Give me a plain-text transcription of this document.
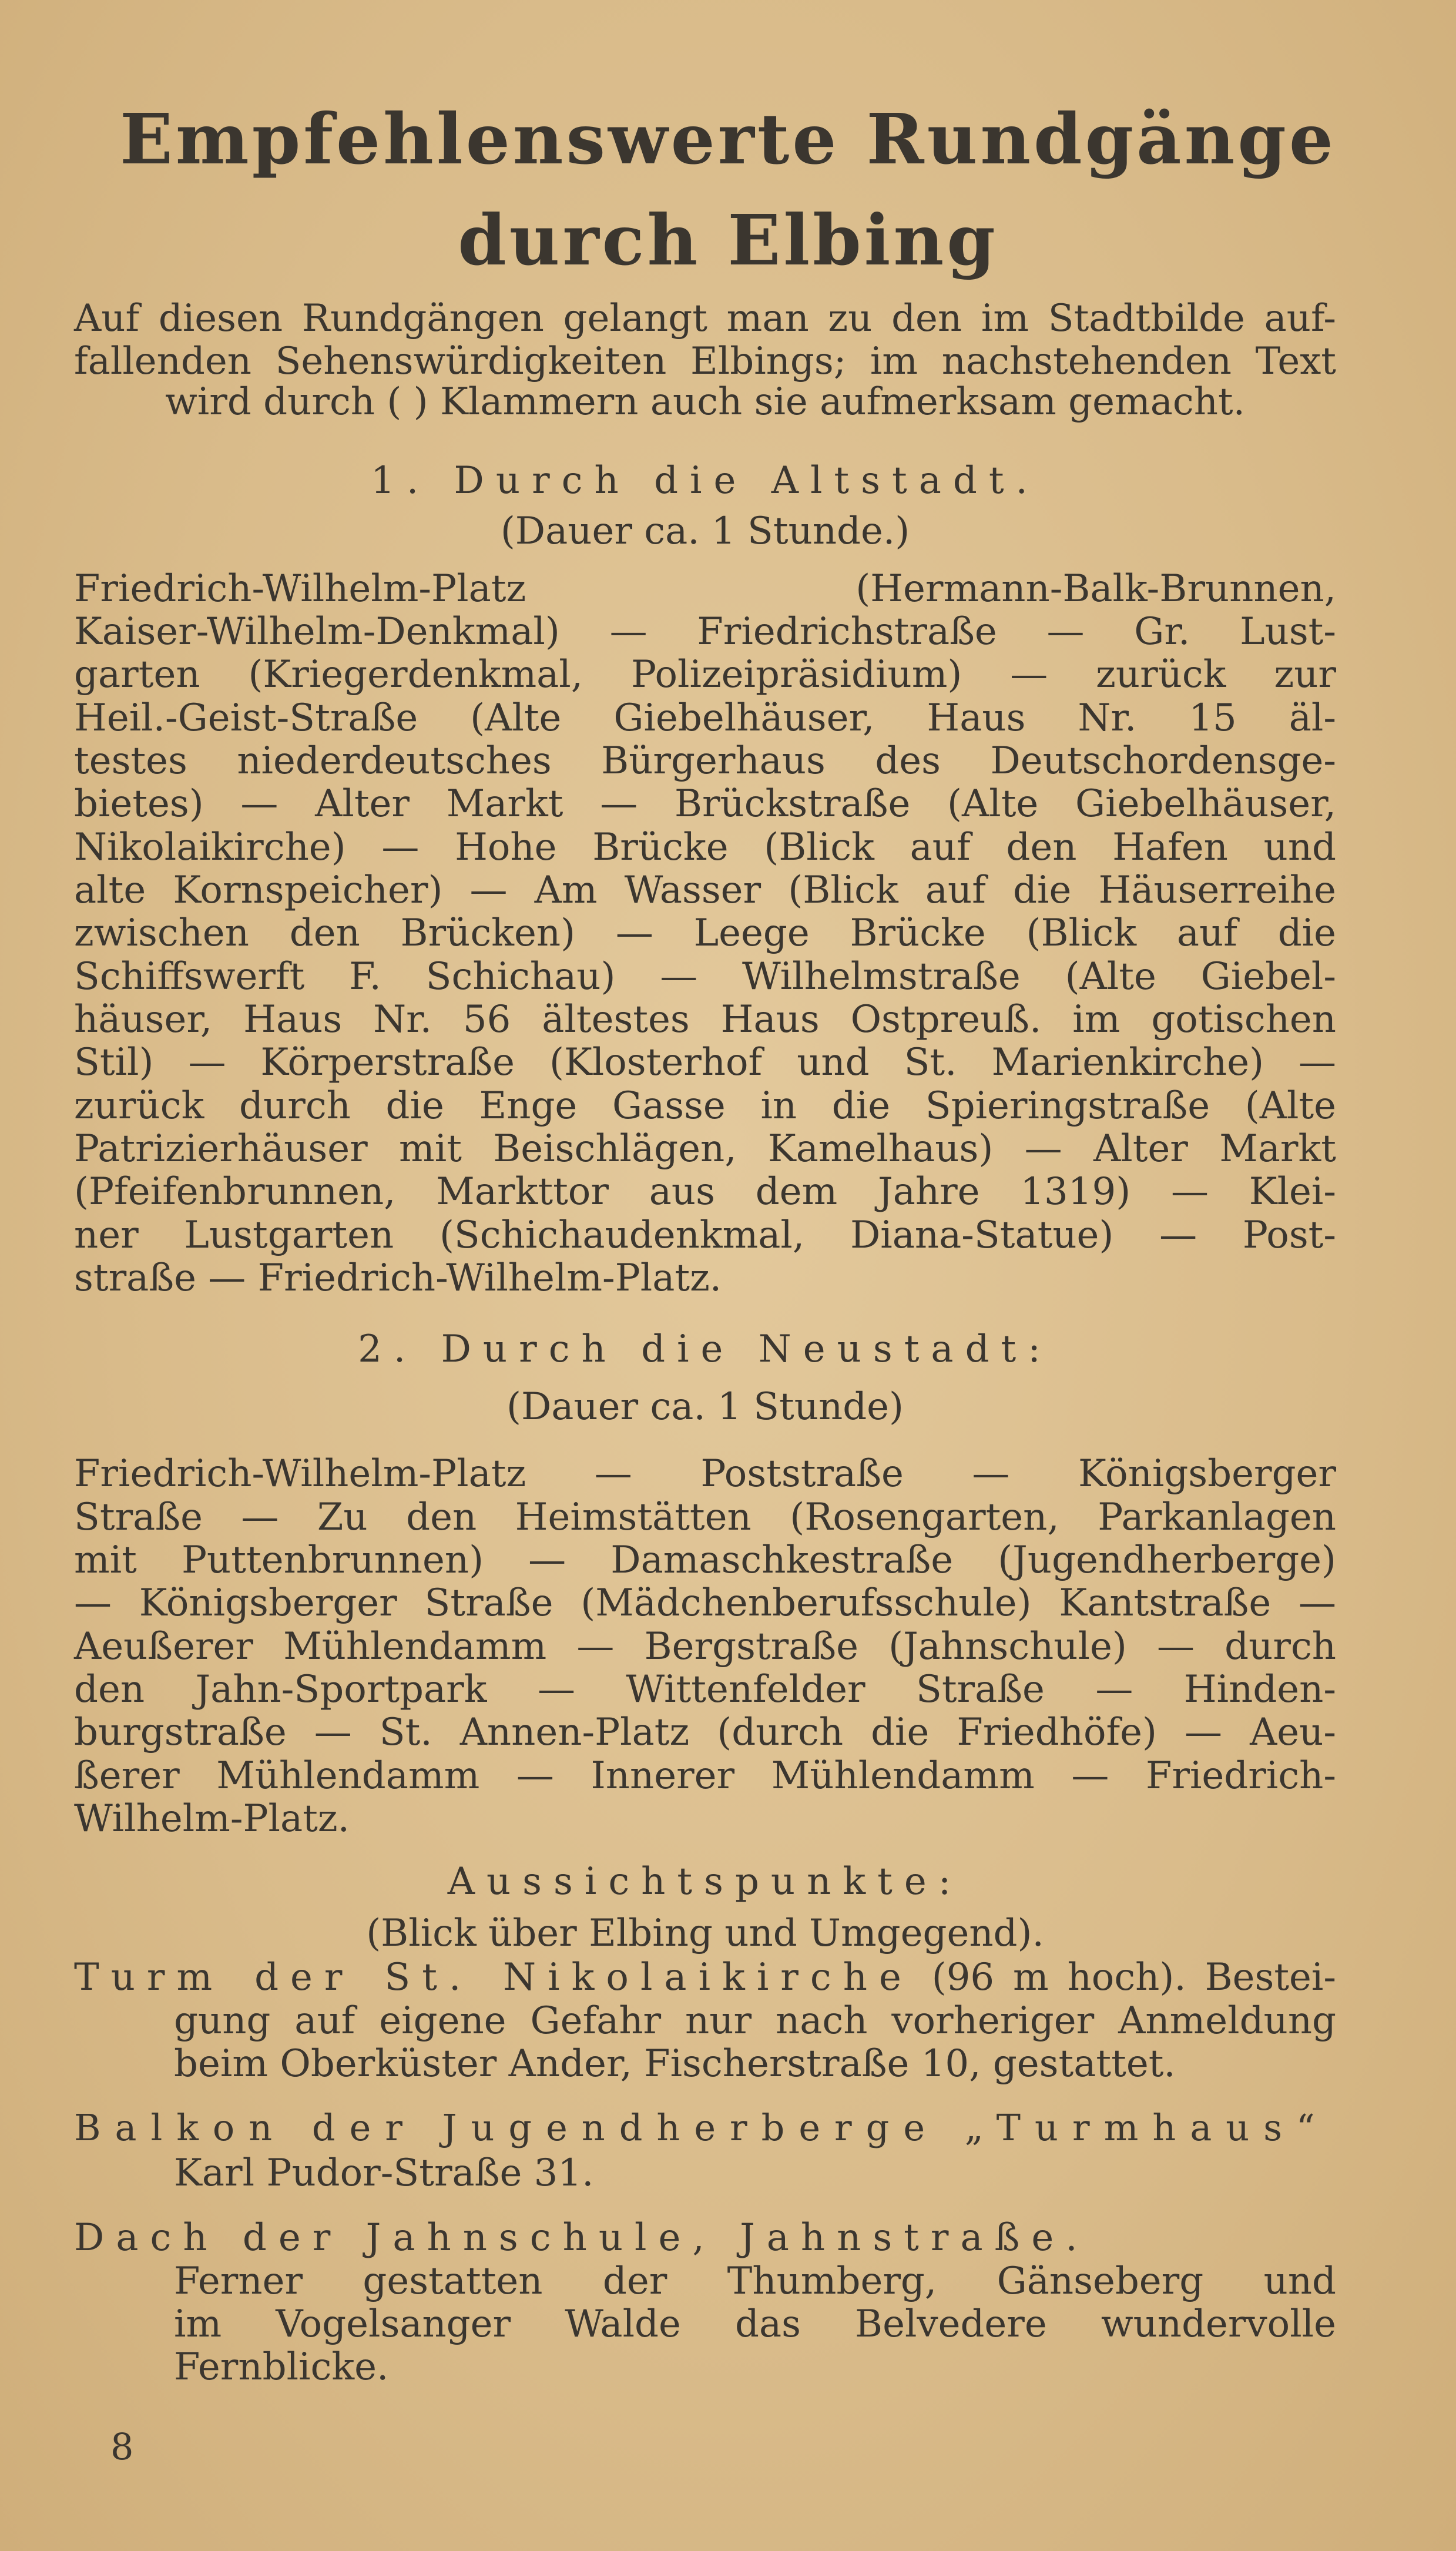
Empfehlenswerte Rundgänge
durch Elbing

Auf diesen Rundgängen gelangt man zu den im Stadtbilde auf-

fallenden Sehenswürdigkeiten Elbings; im nachstehenden Text

wird durch ( ) Klammern auch sie aufmerksam gemacht.

1. Durch die Altstadt.

(Dauer ca. 1 Stunde.)

Friedrich-Wilhelm-Platz (Hermann-Balk-Brunnen,

Kaiser-Wilhelm-Denkmal) — Friedrichstraße — Gr. Lust-

garten (Kriegerdenkmal, Polizeipräsidium) — zurück zur

Heil.-Geist-Straße (Alte Giebelhäuser, Haus Nr. 15 äl-

testes niederdeutsches Bürgerhaus des Deutschordensge-

bietes) — Alter Markt — Brückstraße (Alte Giebelhäuser,

Nikolaikirche) — Hohe Brücke (Blick auf den Hafen und

alte Kornspeicher) — Am Wasser (Blick auf die Häuserreihe

zwischen den Brücken) — Leege Brücke (Blick auf die

Schiffswerft F. Schichau) — Wilhelmstraße (Alte Giebel-

häuser, Haus Nr. 56 ältestes Haus Ostpreuß. im gotischen

Stil) — Körperstraße (Klosterhof und St. Marienkirche) —

zurück durch die Enge Gasse in die Spieringstraße (Alte

Patrizierhäuser mit Beischlägen, Kamelhaus) — Alter Markt

(Pfeifenbrunnen, Markttor aus dem Jahre 1319) — Klei-

ner Lustgarten (Schichaudenkmal, Diana-Statue) — Post-

straße — Friedrich-Wilhelm-Platz.

2. Durch die Neustadt:

(Dauer ca. 1 Stunde)

Friedrich-Wilhelm-Platz — Poststraße — Königsberger

Straße — Zu den Heimstätten (Rosengarten, Parkanlagen

mit Puttenbrunnen) — Damaschkestraße (Jugendherberge)

— Königsberger Straße (Mädchenberufsschule) Kantstraße —

Aeußerer Mühlendamm — Bergstraße (Jahnschule) — durch

den Jahn-Sportpark — Wittenfelder Straße — Hinden-

burgstraße — St. Annen-Platz (durch die Friedhöfe) — Aeu-

ßerer Mühlendamm — Innerer Mühlendamm — Friedrich-

Wilhelm-Platz.

Aussichtspunkte:

(Blick über Elbing und Umgegend).

Turm der St. Nikolaikirche (96 m hoch). Bestei-

gung auf eigene Gefahr nur nach vorheriger Anmeldung

beim Oberküster Ander, Fischerstraße 10, gestattet.

Balkon der Jugendherberge „Turmhaus“

Karl Pudor-Straße 31.

Dach der Jahnschule, Jahnstraße.

Ferner gestatten der Thumberg, Gänseberg und

im Vogelsanger Walde das Belvedere wundervolle

Fernblicke.

8
